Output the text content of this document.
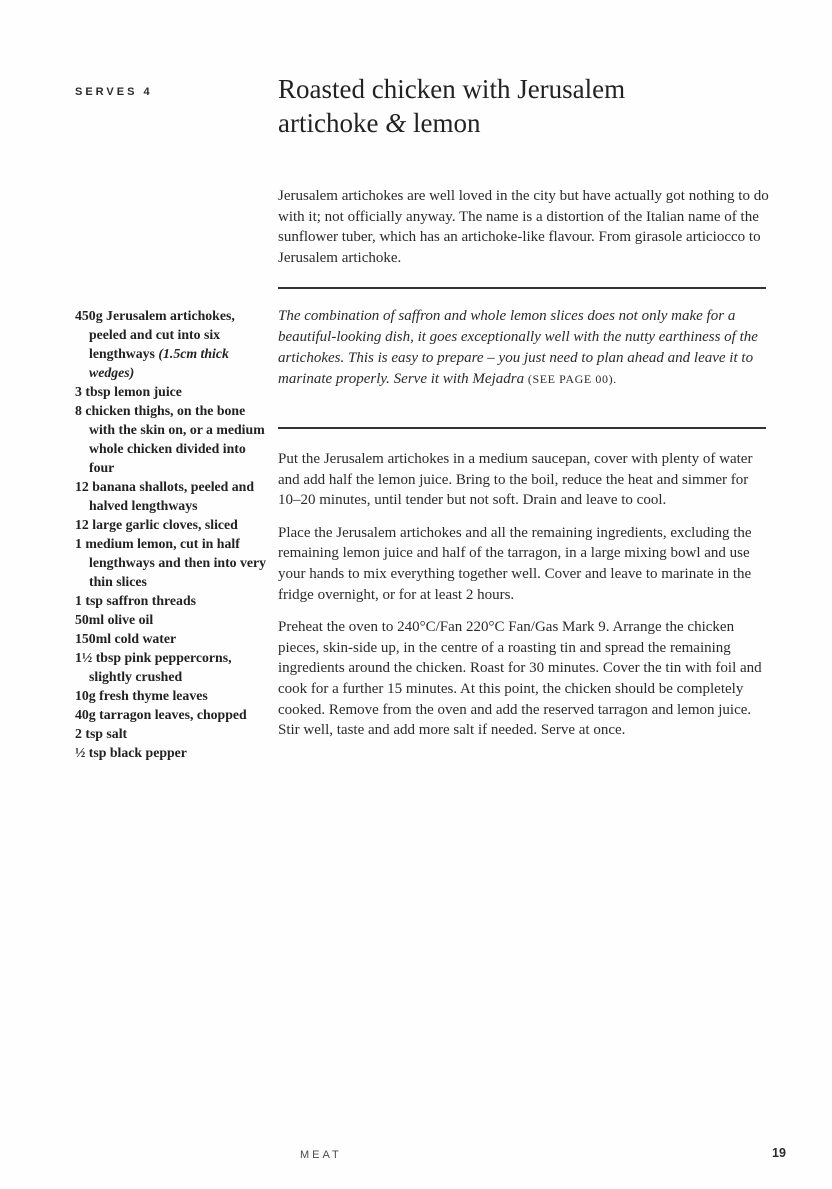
SERVES 4	Roasted chicken with Jerusalem
artichoke & lemon

Jerusalem artichokes are well loved in the city but have actually got nothing to do with it; not officially anyway. The name is a distortion of the Italian name of the sunflower tuber, which has an artichoke-like flavour. From girasole articiocco to Jerusalem artichoke.

The combination of saffron and whole lemon slices does not only make for a beautiful-looking dish, it goes exceptionally well with the nutty earthiness of the artichokes. This is easy to prepare – you just need to plan ahead and leave it to marinate properly. Serve it with Mejadra (SEE PAGE 00).

450g Jerusalem artichokes, peeled and cut into six lengthways (1.5cm thick wedges)
3 tbsp lemon juice
8 chicken thighs, on the bone with the skin on, or a medium whole chicken divided into four
12 banana shallots, peeled and halved lengthways
12 large garlic cloves, sliced
1 medium lemon, cut in half lengthways and then into very thin slices
1 tsp saffron threads
50ml olive oil
150ml cold water
1½ tbsp pink peppercorns, slightly crushed
10g fresh thyme leaves
40g tarragon leaves, chopped
2 tsp salt
½ tsp black pepper

Put the Jerusalem artichokes in a medium saucepan, cover with plenty of water and add half the lemon juice. Bring to the boil, reduce the heat and simmer for 10–20 minutes, until tender but not soft. Drain and leave to cool.

Place the Jerusalem artichokes and all the remaining ingredients, excluding the remaining lemon juice and half of the tarragon, in a large mixing bowl and use your hands to mix everything together well. Cover and leave to marinate in the fridge overnight, or for at least 2 hours.

Preheat the oven to 240°C/Fan 220°C Fan/Gas Mark 9. Arrange the chicken pieces, skin-side up, in the centre of a roasting tin and spread the remaining ingredients around the chicken. Roast for 30 minutes. Cover the tin with foil and cook for a further 15 minutes. At this point, the chicken should be completely cooked. Remove from the oven and add the reserved tarragon and lemon juice. Stir well, taste and add more salt if needed. Serve at once.

MEAT	19
